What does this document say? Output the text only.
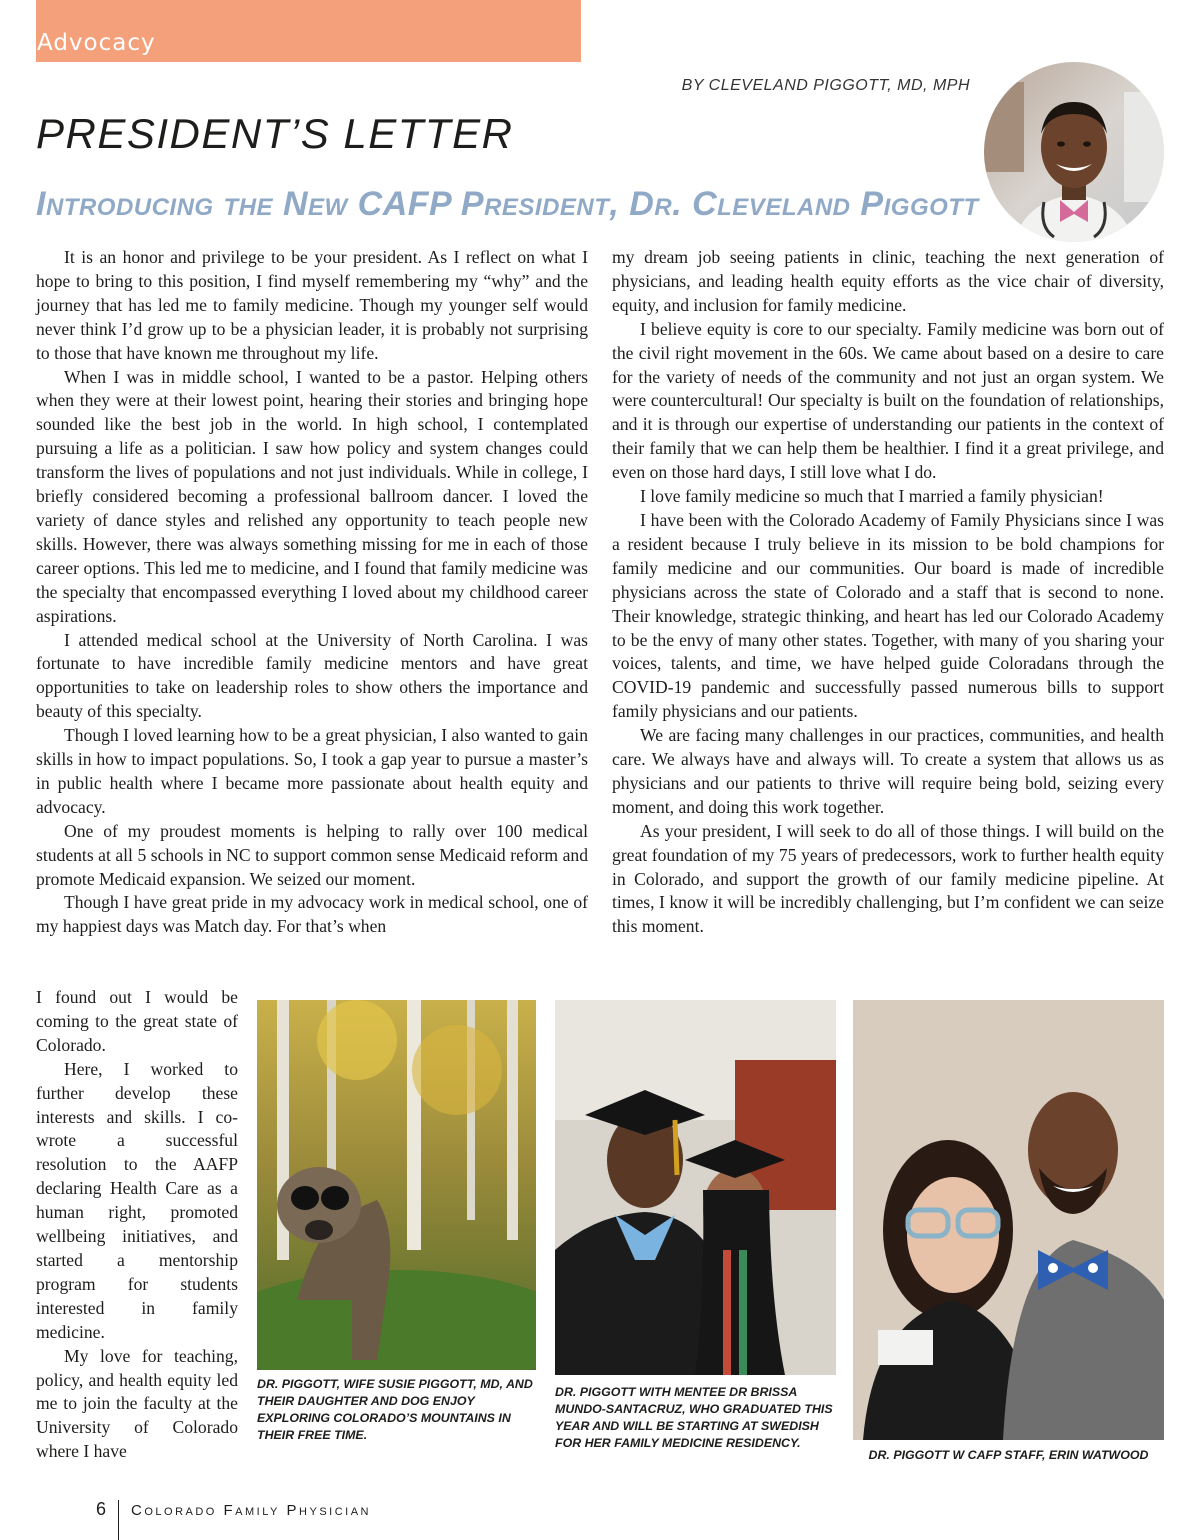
Advocacy
BY CLEVELAND PIGGOTT, MD, MPH
PRESIDENT’S LETTER
Introducing the New CAFP President, Dr. Cleveland Piggott

It is an honor and privilege to be your president. As I reflect on what I hope to bring to this position, I find myself remembering my “why” and the journey that has led me to family medicine. Though my younger self would never think I’d grow up to be a physician leader, it is probably not surprising to those that have known me throughout my life.

When I was in middle school, I wanted to be a pastor. Helping others when they were at their lowest point, hearing their stories and bringing hope sounded like the best job in the world. In high school, I contemplated pursuing a life as a politician. I saw how policy and system changes could transform the lives of populations and not just individuals. While in college, I briefly considered becoming a professional ballroom dancer. I loved the variety of dance styles and relished any opportunity to teach people new skills. However, there was always something missing for me in each of those career options. This led me to medicine, and I found that family medicine was the specialty that encompassed everything I loved about my childhood career aspirations.

I attended medical school at the University of North Carolina. I was fortunate to have incredible family medicine mentors and have great opportunities to take on leadership roles to show others the importance and beauty of this specialty.

Though I loved learning how to be a great physician, I also wanted to gain skills in how to impact populations. So, I took a gap year to pursue a master’s in public health where I became more passionate about health equity and advocacy.

One of my proudest moments is helping to rally over 100 medical students at all 5 schools in NC to support common sense Medicaid reform and promote Medicaid expansion. We seized our moment.

Though I have great pride in my advocacy work in medical school, one of my happiest days was Match day. For that’s when

I found out I would be coming to the great state of Colorado.

Here, I worked to further develop these interests and skills. I co-wrote a successful resolution to the AAFP declaring Health Care as a human right, promoted wellbeing initiatives, and started a mentorship program for students interested in family medicine.

My love for teaching, policy, and health equity led me to join the faculty at the University of Colorado where I have

my dream job seeing patients in clinic, teaching the next generation of physicians, and leading health equity efforts as the vice chair of diversity, equity, and inclusion for family medicine.

I believe equity is core to our specialty. Family medicine was born out of the civil right movement in the 60s. We came about based on a desire to care for the variety of needs of the community and not just an organ system. We were countercultural! Our specialty is built on the foundation of relationships, and it is through our expertise of understanding our patients in the context of their family that we can help them be healthier. I find it a great privilege, and even on those hard days, I still love what I do.

I love family medicine so much that I married a family physician!

I have been with the Colorado Academy of Family Physicians since I was a resident because I truly believe in its mission to be bold champions for family medicine and our communities. Our board is made of incredible physicians across the state of Colorado and a staff that is second to none. Their knowledge, strategic thinking, and heart has led our Colorado Academy to be the envy of many other states. Together, with many of you sharing your voices, talents, and time, we have helped guide Coloradans through the COVID-19 pandemic and successfully passed numerous bills to support family physicians and our patients.

We are facing many challenges in our practices, communities, and health care. We always have and always will. To create a system that allows us as physicians and our patients to thrive will require being bold, seizing every moment, and doing this work together.

As your president, I will seek to do all of those things. I will build on the great foundation of my 75 years of predecessors, work to further health equity in Colorado, and support the growth of our family medicine pipeline. At times, I know it will be incredibly challenging, but I’m confident we can seize this moment.

DR. PIGGOTT, WIFE SUSIE PIGGOTT, MD, AND THEIR DAUGHTER AND DOG ENJOY EXPLORING COLORADO’S MOUNTAINS IN THEIR FREE TIME.
DR. PIGGOTT WITH MENTEE DR BRISSA MUNDO-SANTACRUZ, WHO GRADUATED THIS YEAR AND WILL BE STARTING AT SWEDISH FOR HER FAMILY MEDICINE RESIDENCY.
DR. PIGGOTT W CAFP STAFF, ERIN WATWOOD
6 Colorado Family Physician
